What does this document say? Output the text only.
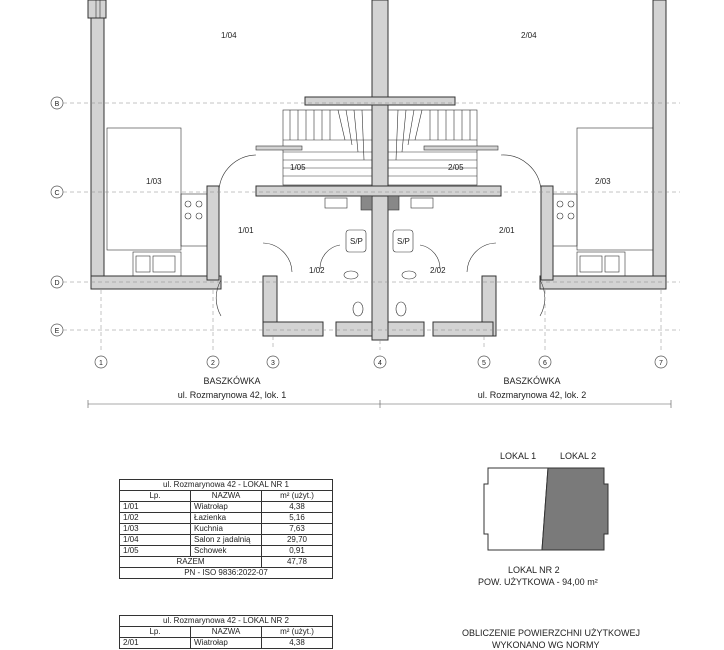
S/P	S/P
B
C
D
E
1	2	3	4	5	6	7
1/04	2/04
1/03	2/03
1/05	2/05
1/01	2/01
1/02	2/02
BASZKÓWKA
ul. Rozmarynowa 42, lok. 1
BASZKÓWKA
ul. Rozmarynowa 42, lok. 2
ul. Rozmarynowa 42 - LOKAL NR 1		
Lp.	NAZWA	m² (użyt.)
1/01	Wiatrołap	4,38
1/02	Łazienka	5,16
1/03	Kuchnia	7,63
1/04	Salon z jadalnią	29,70
1/05	Schowek	0,91
RAZEM		47,78
PN - ISO 9836:2022-07		
ul. Rozmarynowa 42 - LOKAL NR 2		
Lp.	NAZWA	m² (użyt.)
2/01	Wiatrołap	4,38
LOKAL 1	LOKAL 2
LOKAL NR 2
POW. UŻYTKOWA - 94,00 m²
OBLICZENIE POWIERZCHNI UŻYTKOWEJ
WYKONANO WG NORMY
